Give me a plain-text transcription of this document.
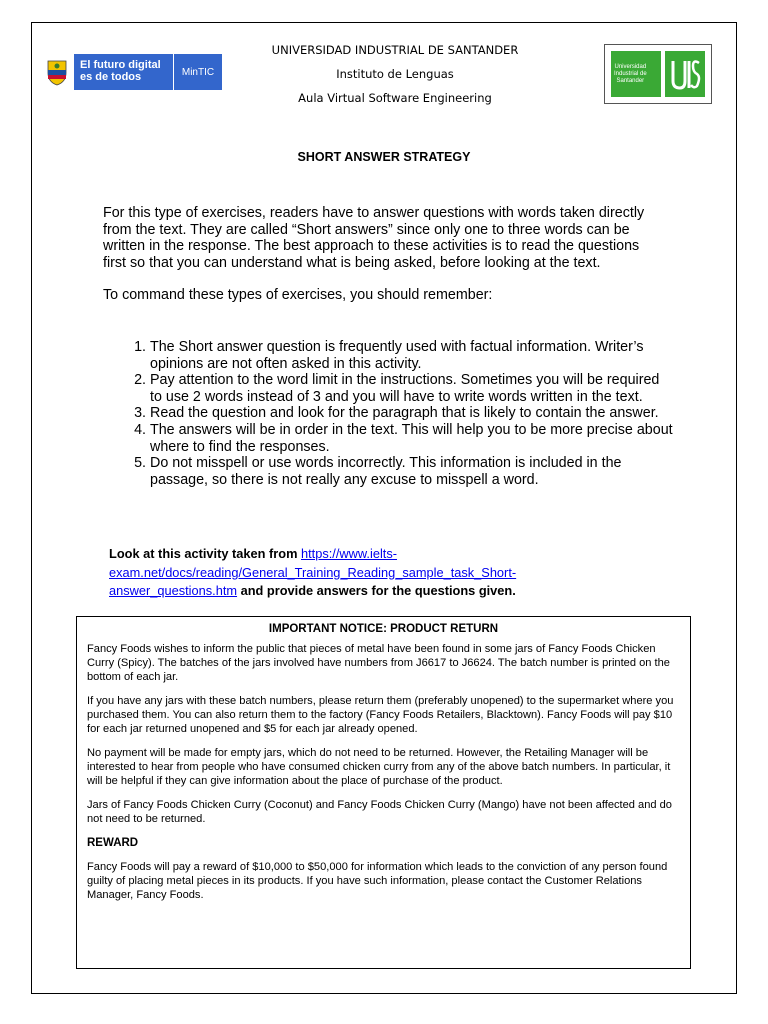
El futuro digital
es de todos	MinTIC
UNIVERSIDAD INDUSTRIAL DE SANTANDER
Instituto de Lenguas
Aula Virtual Software Engineering
Universidad
Industrial de
Santander
SHORT ANSWER STRATEGY

For this type of exercises, readers have to answer questions with words taken directly from the text. They are called “Short answers” since only one to three words can be written in the response. The best approach to these activities is to read the questions first so that you can understand what is being asked, before looking at the text.

To command these types of exercises, you should remember:

1. The Short answer question is frequently used with factual information. Writer’s opinions are not often asked in this activity.
2. Pay attention to the word limit in the instructions. Sometimes you will be required to use 2 words instead of 3 and you will have to write words written in the text.
3. Read the question and look for the paragraph that is likely to contain the answer.
4. The answers will be in order in the text. This will help you to be more precise about where to find the responses.
5. Do not misspell or use words incorrectly. This information is included in the passage, so there is not really any excuse to misspell a word.
Look at this activity taken from https://www.ielts-exam.net/docs/reading/General_Training_Reading_sample_task_Short-answer_questions.htm and provide answers for the questions given.
IMPORTANT NOTICE: PRODUCT RETURN

Fancy Foods wishes to inform the public that pieces of metal have been found in some jars of Fancy Foods Chicken Curry (Spicy). The batches of the jars involved have numbers from J6617 to J6624. The batch number is printed on the bottom of each jar.

If you have any jars with these batch numbers, please return them (preferably unopened) to the supermarket where you purchased them. You can also return them to the factory (Fancy Foods Retailers, Blacktown). Fancy Foods will pay $10 for each jar returned unopened and $5 for each jar already opened.

No payment will be made for empty jars, which do not need to be returned. However, the Retailing Manager will be interested to hear from people who have consumed chicken curry from any of the above batch numbers. In particular, it will be helpful if they can give information about the place of purchase of the product.

Jars of Fancy Foods Chicken Curry (Coconut) and Fancy Foods Chicken Curry (Mango) have not been affected and do not need to be returned.

REWARD

Fancy Foods will pay a reward of $10,000 to $50,000 for information which leads to the conviction of any person found guilty of placing metal pieces in its products. If you have such information, please contact the Customer Relations Manager, Fancy Foods.
